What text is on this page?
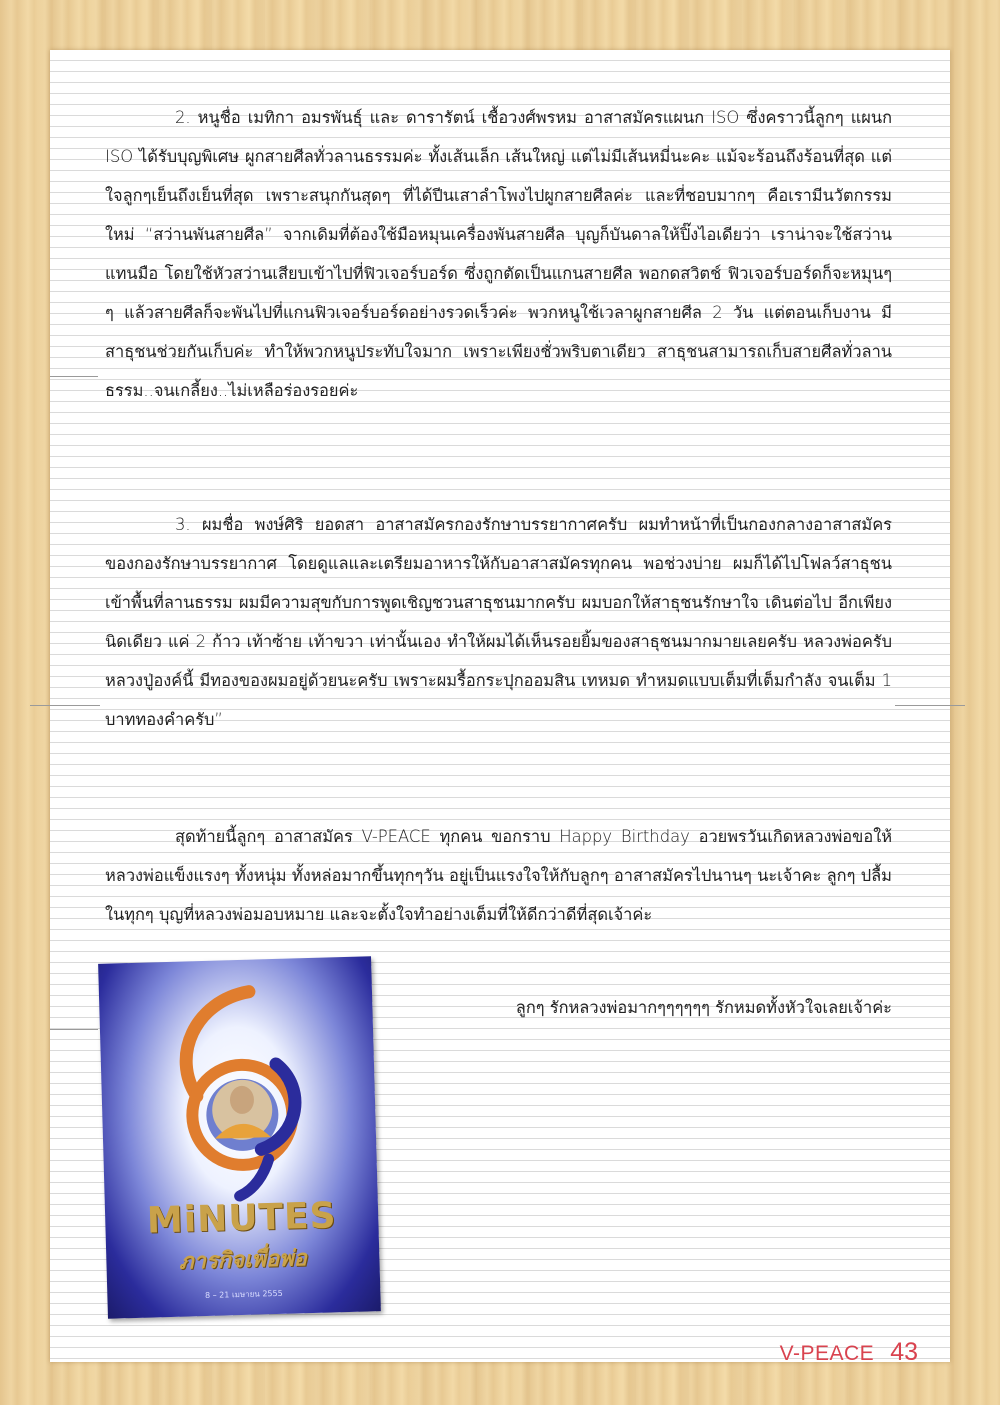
2. หนูชื่อ เมทิกา อมรพันธุ์ และ ดารารัตน์ เชื้อวงศ์พรหม อาสาสมัครแผนก ISO ซึ่งคราวนี้ลูกๆ แผนก ISO ได้รับบุญพิเศษ ผูกสายศีลทั่วลานธรรมค่ะ ทั้งเส้นเล็ก เส้นใหญ่ แต่ไม่มีเส้นหมี่นะคะ แม้จะร้อนถึงร้อนที่สุด แต่ใจลูกๆเย็นถึงเย็นที่สุด เพราะสนุกกันสุดๆ ที่ได้ปีนเสาลำโพงไปผูกสายศีลค่ะ และที่ชอบมากๆ คือเรามีนวัตกรรมใหม่ “สว่านพันสายศีล” จากเดิมที่ต้องใช้มือหมุนเครื่องพันสายศีล บุญก็บันดาลให้ปิ๊งไอเดียว่า เราน่าจะใช้สว่านแทนมือ โดยใช้หัวสว่านเสียบเข้าไปที่ฟิวเจอร์บอร์ด ซึ่งถูกตัดเป็นแกนสายศีล พอกดสวิตช์ ฟิวเจอร์บอร์ดก็จะหมุนๆๆ แล้วสายศีลก็จะพันไปที่แกนฟิวเจอร์บอร์ดอย่างรวดเร็วค่ะ พวกหนูใช้เวลาผูกสายศีล 2 วัน แต่ตอนเก็บงาน มีสาธุชนช่วยกันเก็บค่ะ ทำให้พวกหนูประทับใจมาก เพราะเพียงชั่วพริบตาเดียว สาธุชนสามารถเก็บสายศีลทั่วลานธรรม..จนเกลี้ยง..ไม่เหลือร่องรอยค่ะ
3. ผมชื่อ พงษ์ศิริ ยอดสา อาสาสมัครกองรักษาบรรยากาศครับ ผมทำหน้าที่เป็นกองกลางอาสาสมัครของกองรักษาบรรยากาศ โดยดูแลและเตรียมอาหารให้กับอาสาสมัครทุกคน พอช่วงบ่าย ผมก็ได้ไปโฟลว์สาธุชนเข้าพื้นที่ลานธรรม ผมมีความสุขกับการพูดเชิญชวนสาธุชนมากครับ ผมบอกให้สาธุชนรักษาใจ เดินต่อไป อีกเพียงนิดเดียว แค่ 2 ก้าว เท้าซ้าย เท้าขวา เท่านั้นเอง ทำให้ผมได้เห็นรอยยิ้มของสาธุชนมากมายเลยครับ หลวงพ่อครับ หลวงปู่องค์นี้ มีทองของผมอยู่ด้วยนะครับ เพราะผมรื้อกระปุกออมสิน เทหมด ทำหมดแบบเต็มที่เต็มกำลัง จนเต็ม 1 บาททองคำครับ”
สุดท้ายนี้ลูกๆ อาสาสมัคร V-PEACE ทุกคน ขอกราบ Happy Birthday อวยพรวันเกิดหลวงพ่อขอให้หลวงพ่อแข็งแรงๆ ทั้งหนุ่ม ทั้งหล่อมากขึ้นทุกๆวัน อยู่เป็นแรงใจให้กับลูกๆ อาสาสมัครไปนานๆ นะเจ้าคะ ลูกๆ ปลื้มในทุกๆ บุญที่หลวงพ่อมอบหมาย และจะตั้งใจทำอย่างเต็มที่ให้ดีกว่าดีที่สุดเจ้าค่ะ
ลูกๆ รักหลวงพ่อมากๆๆๆๆๆๆ รักหมดทั้งหัวใจเลยเจ้าค่ะ
MiNUTES
ภารกิจเพื่อพ่อ
8 – 21 เมษายน 2555
V-PEACE 43
